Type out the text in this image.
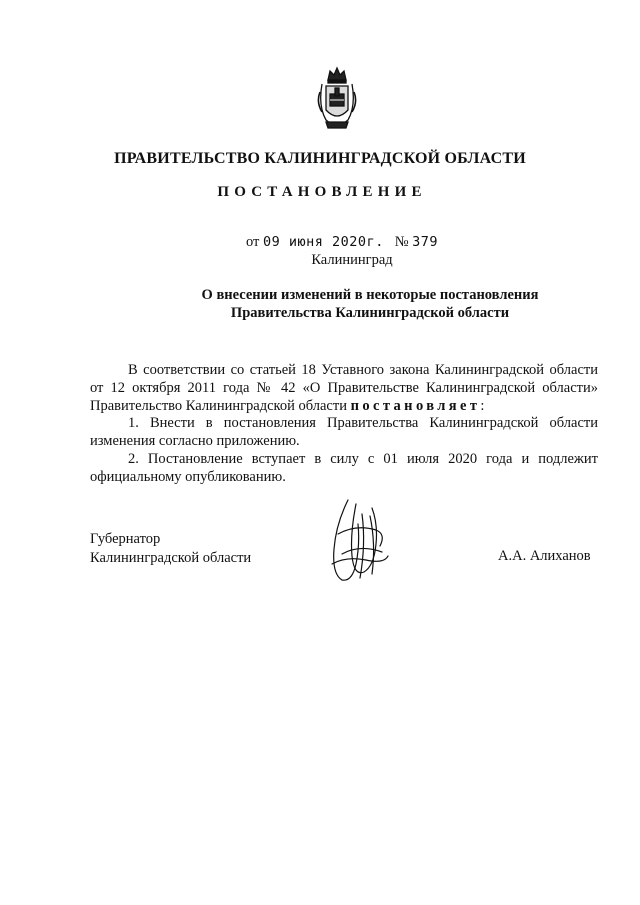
ПРАВИТЕЛЬСТВО КАЛИНИНГРАДСКОЙ ОБЛАСТИ
ПОСТАНОВЛЕНИЕ
от 09 июня 2020г. № 379
Калининград
О внесении изменений в некоторые постановления
Правительства Калининградской области

В соответствии со статьей 18 Уставного закона Калининградской области от 12 октября 2011 года № 42 «О Правительстве Калининградской области» Правительство Калининградской области постановляет:

1. Внести в постановления Правительства Калининградской области изменения согласно приложению.

2. Постановление вступает в силу с 01 июля 2020 года и подлежит официальному опубликованию.

Губернатор
Калининградской области	А.А. Алиханов
